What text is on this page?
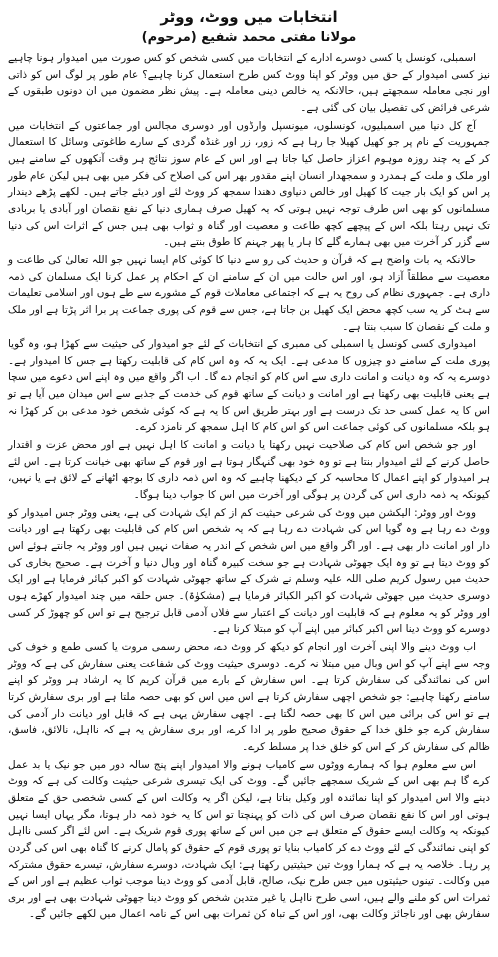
انتخابات میں ووٹ، ووٹر
مولانا مفتی محمد شفیع (مرحوم)

اسمبلی، کونسل یا کسی دوسرے ادارے کے انتخابات میں کسی شخص کو کس صورت میں امیدوار ہونا چاہیے نیز کسی امیدوار کے حق میں ووٹر کو اپنا ووٹ کس طرح استعمال کرنا چاہیے؟ عام طور پر لوگ اس کو ذاتی اور نجی معاملہ سمجھتے ہیں، حالانکہ یہ خالص دینی معاملہ ہے۔ پیش نظر مضمون میں ان دونوں طبقوں کے شرعی فرائض کی تفصیل بیان کی گئی ہے۔

آج کل دنیا میں اسمبلیوں، کونسلوں، میونسپل وارڈوں اور دوسری مجالس اور جماعتوں کے انتخابات میں جمہوریت کے نام پر جو کھیل کھیلا جا رہا ہے کہ زور، زر اور غنڈہ گردی کے سارے طاغوتی وسائل کا استعمال کر کے یہ چند روزہ موہوم اعزاز حاصل کیا جاتا ہے اور اس کے عام سوز نتائج ہر وقت آنکھوں کے سامنے ہیں اور ملک و ملت کے ہمدرد و سمجھدار انسان اپنے مقدور بھر اس کی اصلاح کی فکر میں بھی ہیں لیکن عام طور پر اس کو ایک بار جیت کا کھیل اور خالص دنیاوی دھندا سمجھ کر ووٹ لئے اور دیئے جاتے ہیں۔ لکھے پڑھے دیندار مسلمانوں کو بھی اس طرف توجہ نہیں ہوتی کہ یہ کھیل صرف ہماری دنیا کے نفع نقصان اور آبادی یا بربادی تک نہیں رہتا بلکہ اس کے پیچھے کچھ طاعت و معصیت اور گناہ و ثواب بھی ہیں جس کے اثرات اس کی دنیا سے گزر کر آخرت میں بھی ہمارے گلے کا ہار یا پھر جہنم کا طوق بنتے ہیں۔

حالانکہ یہ بات واضح ہے کہ قرآن و حدیث کی رو سے دنیا کا کوئی کام ایسا نہیں جو اللہ تعالیٰ کی طاعت و معصیت سے مطلقاً آزاد ہو، اور اس حالت میں ان کے سامنے ان کے احکام پر عمل کرنا ایک مسلمان کی ذمہ داری ہے۔ جمہوری نظام کی روح یہ ہے کہ اجتماعی معاملات قوم کے مشورے سے طے ہوں اور اسلامی تعلیمات سے ہٹ کر یہ سب کچھ محض ایک کھیل بن جاتا ہے، جس سے قوم کی پوری جماعت پر برا اثر پڑتا ہے اور ملک و ملت کے نقصان کا سبب بنتا ہے۔

امیدواری کسی کونسل یا اسمبلی کی ممبری کے انتخابات کے لئے جو امیدوار کی حیثیت سے کھڑا ہو، وہ گویا پوری ملت کے سامنے دو چیزوں کا مدعی ہے۔ ایک یہ کہ وہ اس کام کی قابلیت رکھتا ہے جس کا امیدوار ہے۔ دوسرے یہ کہ وہ دیانت و امانت داری سے اس کام کو انجام دے گا۔ اب اگر واقع میں وہ اپنے اس دعوے میں سچا ہے یعنی قابلیت بھی رکھتا ہے اور امانت و دیانت کے ساتھ قوم کی خدمت کے جذبے سے اس میدان میں آیا ہے تو اس کا یہ عمل کسی حد تک درست ہے اور بہتر طریق اس کا یہ ہے کہ کوئی شخص خود مدعی بن کر کھڑا نہ ہو بلکہ مسلمانوں کی کوئی جماعت اس کو اس کام کا اہل سمجھ کر نامزد کرے۔

اور جو شخص اس کام کی صلاحیت نہیں رکھتا یا دیانت و امانت کا اہل نہیں ہے اور محض عزت و اقتدار حاصل کرنے کے لئے امیدوار بنتا ہے تو وہ خود بھی گنہگار ہوتا ہے اور قوم کے ساتھ بھی خیانت کرتا ہے۔ اس لئے ہر امیدوار کو اپنے اعمال کا محاسبہ کر کے دیکھنا چاہیے کہ وہ اس ذمہ داری کا بوجھ اٹھانے کے لائق ہے یا نہیں، کیونکہ یہ ذمہ داری اس کی گردن پر ہوگی اور آخرت میں اس کا جواب دینا ہوگا۔

ووٹ اور ووٹر: الیکشن میں ووٹ کی شرعی حیثیت کم از کم ایک شہادت کی ہے، یعنی ووٹر جس امیدوار کو ووٹ دے رہا ہے وہ گویا اس کی شہادت دے رہا ہے کہ یہ شخص اس کام کی قابلیت بھی رکھتا ہے اور دیانت دار اور امانت دار بھی ہے۔ اور اگر واقع میں اس شخص کے اندر یہ صفات نہیں ہیں اور ووٹر یہ جانتے ہوئے اس کو ووٹ دیتا ہے تو وہ ایک جھوٹی شہادت ہے جو سخت کبیرہ گناہ اور وبال دنیا و آخرت ہے۔ صحیح بخاری کی حدیث میں رسول کریم صلی اللہ علیہ وسلم نے شرک کے ساتھ جھوٹی شہادت کو اکبر کبائر فرمایا ہے اور ایک دوسری حدیث میں جھوٹی شہادت کو اکبر الکبائر فرمایا ہے (مشکوٰۃ)۔ جس حلقہ میں چند امیدوار کھڑے ہوں اور ووٹر کو یہ معلوم ہے کہ قابلیت اور دیانت کے اعتبار سے فلاں آدمی قابل ترجیح ہے تو اس کو چھوڑ کر کسی دوسرے کو ووٹ دینا اس اکبر کبائر میں اپنے آپ کو مبتلا کرنا ہے۔

اب ووٹ دینے والا اپنی آخرت اور انجام کو دیکھ کر ووٹ دے، محض رسمی مروت یا کسی طمع و خوف کی وجہ سے اپنے آپ کو اس وبال میں مبتلا نہ کرے۔ دوسری حیثیت ووٹ کی شفاعت یعنی سفارش کی ہے کہ ووٹر اس کی نمائندگی کی سفارش کرتا ہے۔ اس سفارش کے بارے میں قرآن کریم کا یہ ارشاد ہر ووٹر کو اپنے سامنے رکھنا چاہیے: جو شخص اچھی سفارش کرتا ہے اس میں اس کو بھی حصہ ملتا ہے اور بری سفارش کرتا ہے تو اس کی برائی میں اس کا بھی حصہ لگتا ہے۔ اچھی سفارش یہی ہے کہ قابل اور دیانت دار آدمی کی سفارش کرے جو خلق خدا کے حقوق صحیح طور پر ادا کرے، اور بری سفارش یہ ہے کہ نااہل، نالائق، فاسق، ظالم کی سفارش کر کے اس کو خلق خدا پر مسلط کرے۔

اس سے معلوم ہوا کہ ہمارے ووٹوں سے کامیاب ہونے والا امیدوار اپنے پنج سالہ دور میں جو نیک یا بد عمل کرے گا ہم بھی اس کے شریک سمجھے جائیں گے۔ ووٹ کی ایک تیسری شرعی حیثیت وکالت کی ہے کہ ووٹ دینے والا اس امیدوار کو اپنا نمائندہ اور وکیل بناتا ہے، لیکن اگر یہ وکالت اس کے کسی شخصی حق کے متعلق ہوتی اور اس کا نفع نقصان صرف اس کی ذات کو پہنچتا تو اس کا یہ خود ذمہ دار ہوتا، مگر یہاں ایسا نہیں کیونکہ یہ وکالت ایسے حقوق کے متعلق ہے جن میں اس کے ساتھ پوری قوم شریک ہے۔ اس لئے اگر کسی نااہل کو اپنی نمائندگی کے لئے ووٹ دے کر کامیاب بنایا تو پوری قوم کے حقوق کو پامال کرنے کا گناہ بھی اس کی گردن پر رہا۔ خلاصہ یہ ہے کہ ہمارا ووٹ تین حیثیتیں رکھتا ہے: ایک شہادت، دوسرے سفارش، تیسرے حقوق مشترکہ میں وکالت۔ تینوں حیثیتوں میں جس طرح نیک، صالح، قابل آدمی کو ووٹ دینا موجب ثواب عظیم ہے اور اس کے ثمرات اس کو ملنے والے ہیں، اسی طرح نااہل یا غیر متدین شخص کو ووٹ دینا جھوٹی شہادت بھی ہے اور بری سفارش بھی اور ناجائز وکالت بھی، اور اس کے تباہ کن ثمرات بھی اس کے نامہ اعمال میں لکھے جائیں گے۔
